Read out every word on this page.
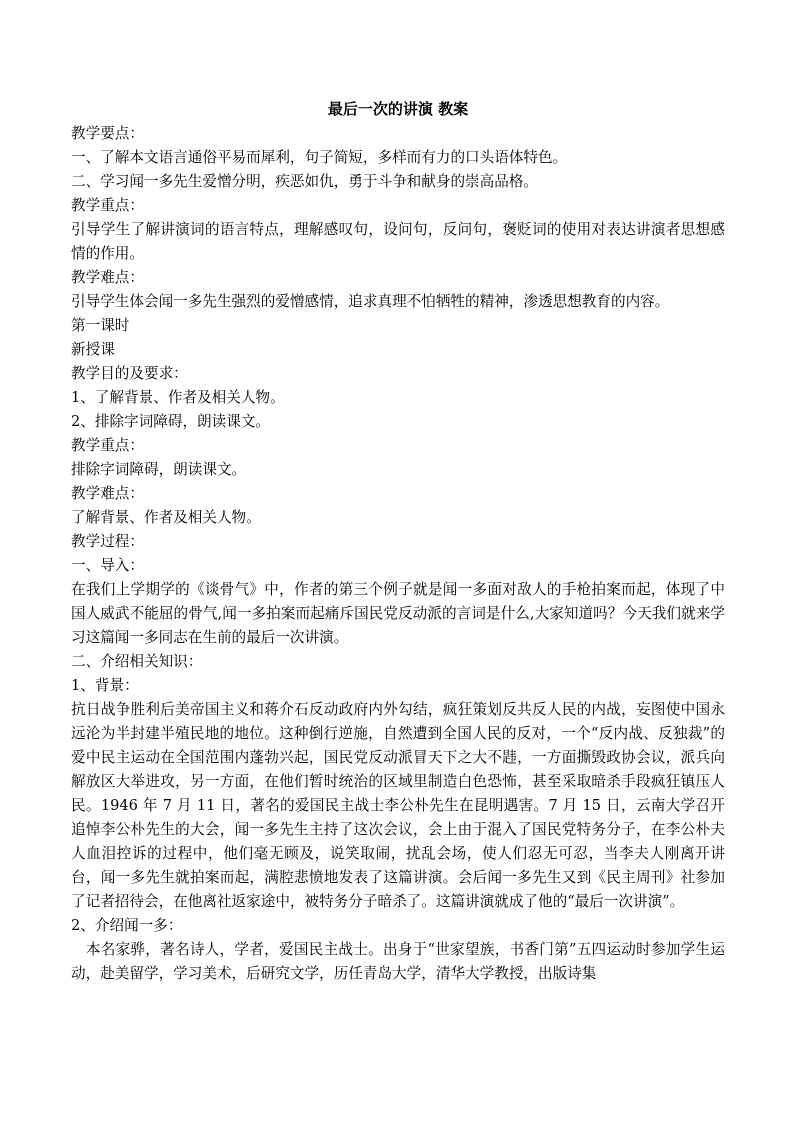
最后一次的讲演 教案

教学要点：

一、了解本文语言通俗平易而犀利，句子简短，多样而有力的口头语体特色。

二、学习闻一多先生爱憎分明，疾恶如仇，勇于斗争和献身的崇高品格。

教学重点：

引导学生了解讲演词的语言特点，理解感叹句，设问句，反问句，褒贬词的使用对表达讲演者思想感情的作用。

教学难点：

引导学生体会闻一多先生强烈的爱憎感情，追求真理不怕牺牲的精神，渗透思想教育的内容。

第一课时

新授课

教学目的及要求：

1、了解背景、作者及相关人物。

2、排除字词障碍，朗读课文。

教学重点：

排除字词障碍，朗读课文。

教学难点：

了解背景、作者及相关人物。

教学过程：

一、导入：

在我们上学期学的《谈骨气》中，作者的第三个例子就是闻一多面对敌人的手枪拍案而起，体现了中国人威武不能屈的骨气,闻一多拍案而起痛斥国民党反动派的言词是什么,大家知道吗？今天我们就来学习这篇闻一多同志在生前的最后一次讲演。

二、介绍相关知识：

1、背景：

抗日战争胜利后美帝国主义和蒋介石反动政府内外勾结，疯狂策划反共反人民的内战，妄图使中国永远沦为半封建半殖民地的地位。这种倒行逆施，自然遭到全国人民的反对，一个“反内战、反独裁”的爱中民主运动在全国范围内蓬勃兴起，国民党反动派冒天下之大不韪，一方面撕毁政协会议，派兵向解放区大举进攻，另一方面，在他们暂时统治的区域里制造白色恐怖，甚至采取暗杀手段疯狂镇压人民。1946 年 7 月 11 日，著名的爱国民主战士李公朴先生在昆明遇害。7 月 15 日，云南大学召开追悼李公朴先生的大会，闻一多先生主持了这次会议，会上由于混入了国民党特务分子，在李公朴夫人血泪控诉的过程中，他们毫无顾及，说笑取闹，扰乱会场，使人们忍无可忍，当李夫人刚离开讲台，闻一多先生就拍案而起，满腔悲愤地发表了这篇讲演。会后闻一多先生又到《民主周刊》社参加了记者招待会，在他离社返家途中，被特务分子暗杀了。这篇讲演就成了他的“最后一次讲演”。

2、介绍闻一多：

　本名家骅，著名诗人，学者，爱国民主战士。出身于“世家望族，书香门第”五四运动时参加学生运动，赴美留学，学习美术，后研究文学，历任青岛大学，清华大学教授，出版诗集
